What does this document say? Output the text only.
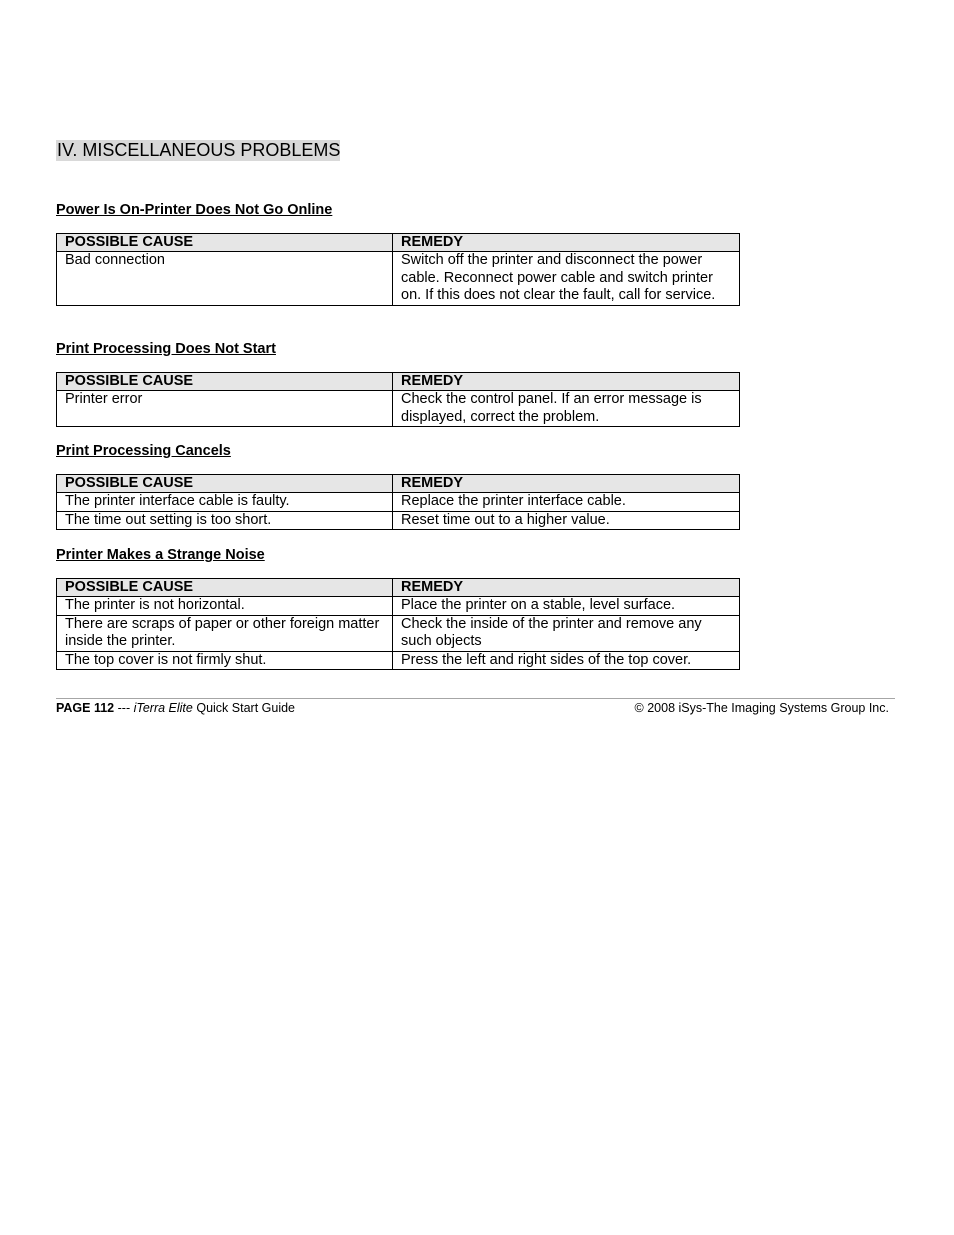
IV. MISCELLANEOUS PROBLEMS
Power Is On-Printer Does Not Go Online
POSSIBLE CAUSE	REMEDY
Bad connection	Switch off the printer and disconnect the power cable. Reconnect power cable and switch printer on. If this does not clear the fault, call for service.
Print Processing Does Not Start
POSSIBLE CAUSE	REMEDY
Printer error	Check the control panel. If an error message is displayed, correct the problem.
Print Processing Cancels
POSSIBLE CAUSE	REMEDY
The printer interface cable is faulty.	Replace the printer interface cable.
The time out setting is too short.	Reset time out to a higher value.
Printer Makes a Strange Noise
POSSIBLE CAUSE	REMEDY
The printer is not horizontal.	Place the printer on a stable, level surface.
There are scraps of paper or other foreign matter inside the printer.	Check the inside of the printer and remove any such objects
The top cover is not firmly shut.	Press the left and right sides of the top cover.
PAGE 112 --- iTerra Elite Quick Start Guide	© 2008 iSys-The Imaging Systems Group Inc.
